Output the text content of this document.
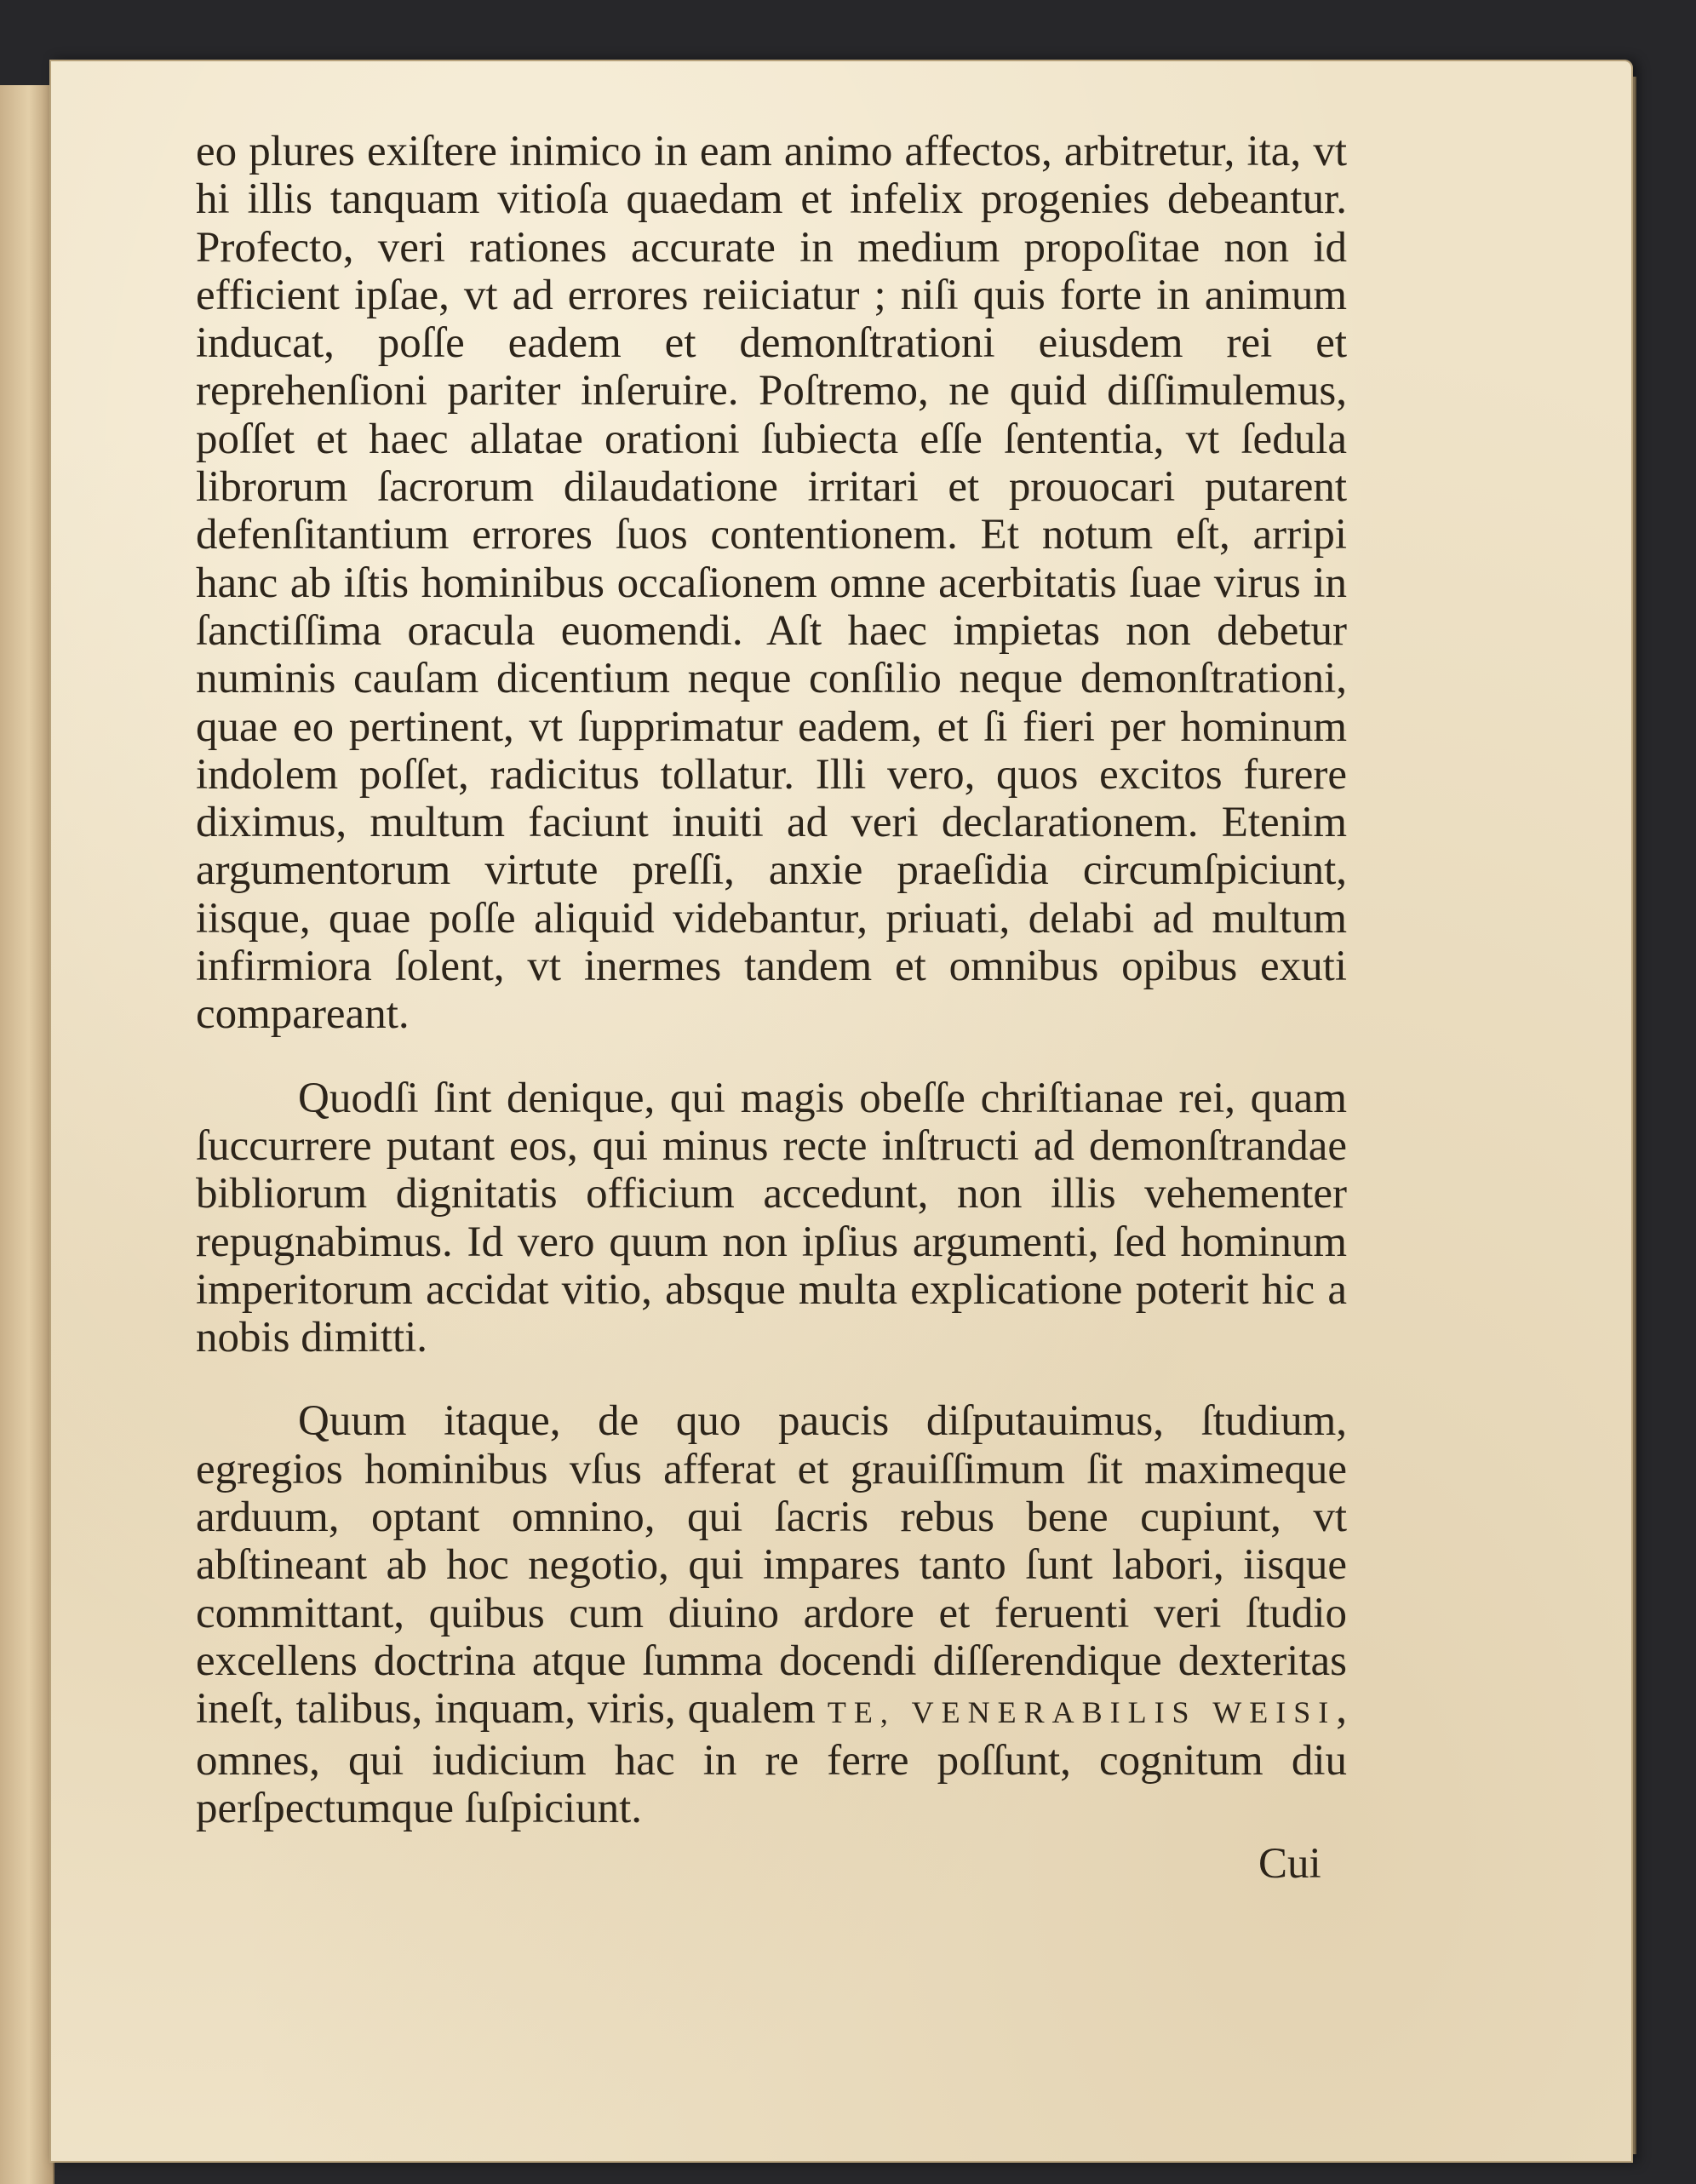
eo plures exiſtere inimico in eam animo affectos, arbitretur, ita, vt hi illis tanquam vitioſa quaedam et infelix progenies debeantur. Profecto, veri rationes accurate in medium propoſitae non id efficient ipſae, vt ad errores reiiciatur ; niſi quis forte in animum inducat, poſſe eadem et demonſtrationi eiusdem rei et reprehenſioni pariter inſeruire. Poſtremo, ne quid diſſimulemus, poſſet et haec allatae orationi ſubiecta eſſe ſententia, vt ſedula librorum ſacrorum dilaudatione irritari et prouocari putarent defenſitantium errores ſuos contentionem. Et notum eſt, arripi hanc ab iſtis hominibus occaſionem omne acerbitatis ſuae virus in ſanctiſſima oracula euomendi. Aſt haec impietas non debetur numinis cauſam dicentium neque conſilio neque demonſtrationi, quae eo pertinent, vt ſupprimatur eadem, et ſi fieri per hominum indolem poſſet, radicitus tollatur. Illi vero, quos excitos furere diximus, multum faciunt inuiti ad veri declarationem. Etenim argumentorum virtute preſſi, anxie praeſidia circumſpiciunt, iisque, quae poſſe aliquid videbantur, priuati, delabi ad multum infirmiora ſolent, vt inermes tandem et omnibus opibus exuti compareant.

Quodſi ſint denique, qui magis obeſſe chriſtianae rei, quam ſuccurrere putant eos, qui minus recte inſtructi ad demonſtrandae bibliorum dignitatis officium accedunt, non illis vehementer repugnabimus. Id vero quum non ipſius argumenti, ſed hominum imperitorum accidat vitio, absque multa explicatione poterit hic a nobis dimitti.

Quum itaque, de quo paucis diſputauimus, ſtudium, egregios hominibus vſus afferat et grauiſſimum ſit maximeque arduum, optant omnino, qui ſacris rebus bene cupiunt, vt abſtineant ab hoc negotio, qui impares tanto ſunt labori, iisque committant, quibus cum diuino ardore et feruenti veri ſtudio excellens doctrina atque ſumma docendi diſſerendique dexteritas ineſt, talibus, inquam, viris, qualem TE, VENERABILIS WEISI, omnes, qui iudicium hac in re ferre poſſunt, cognitum diu perſpectumque ſuſpiciunt.

Cui
